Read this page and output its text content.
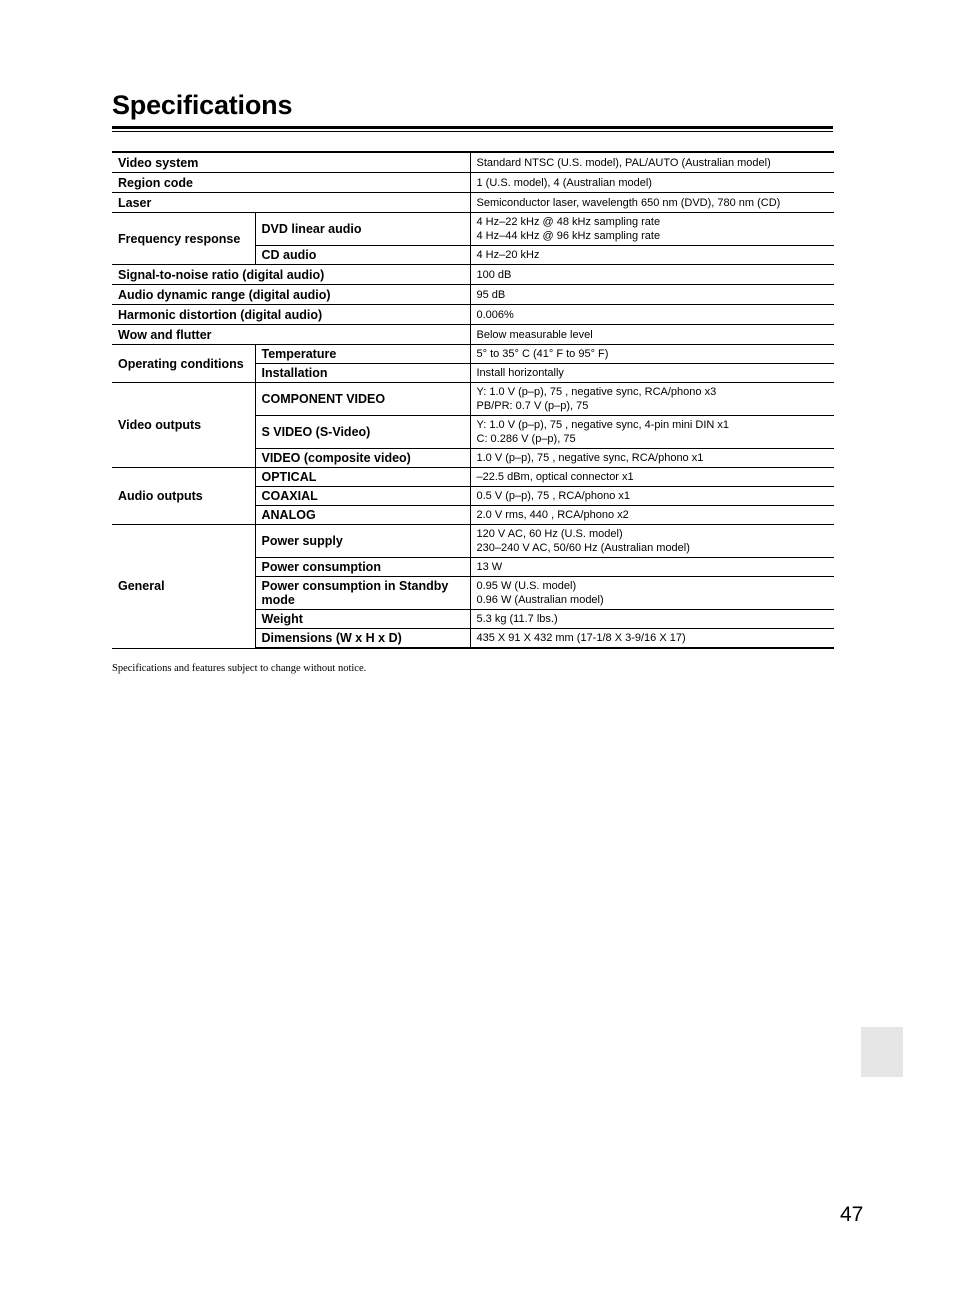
Specifications
Video system		Standard NTSC (U.S. model), PAL/AUTO (Australian model)
Region code		1 (U.S. model), 4 (Australian model)
Laser		Semiconductor laser, wavelength 650 nm (DVD), 780 nm (CD)
Frequency response	DVD linear audio	4 Hz–22 kHz @ 48 kHz sampling rate
4 Hz–44 kHz @ 96 kHz sampling rate

	CD audio	4 Hz–20 kHz
Signal-to-noise ratio (digital audio)		100 dB
Audio dynamic range (digital audio)		95 dB
Harmonic distortion (digital audio)		0.006%
Wow and flutter		Below measurable level
Operating conditions	Temperature	5° to 35° C (41° F to 95° F)
	Installation	Install horizontally
Video outputs	COMPONENT VIDEO	Y: 1.0 V (p–p), 75 , negative sync, RCA/phono x3
PB/PR: 0.7 V (p–p), 75

	S VIDEO (S-Video)	Y: 1.0 V (p–p), 75 , negative sync, 4-pin mini DIN x1
C: 0.286 V (p–p), 75

	VIDEO (composite video)	1.0 V (p–p), 75 , negative sync, RCA/phono x1
Audio outputs	OPTICAL	–22.5 dBm, optical connector x1
	COAXIAL	0.5 V (p–p), 75 , RCA/phono x1
	ANALOG	2.0 V rms, 440 , RCA/phono x2
General	Power supply	120 V AC, 60 Hz (U.S. model)
230–240 V AC, 50/60 Hz (Australian model)

	Power consumption	13 W
	Power consumption in Standby mode	0.95 W (U.S. model)
0.96 W (Australian model)

	Weight	5.3 kg (11.7 lbs.)
	Dimensions (W x H x D)	435 X 91 X 432 mm (17-1/8 X 3-9/16 X 17)
Specifications and features subject to change without notice.
47
